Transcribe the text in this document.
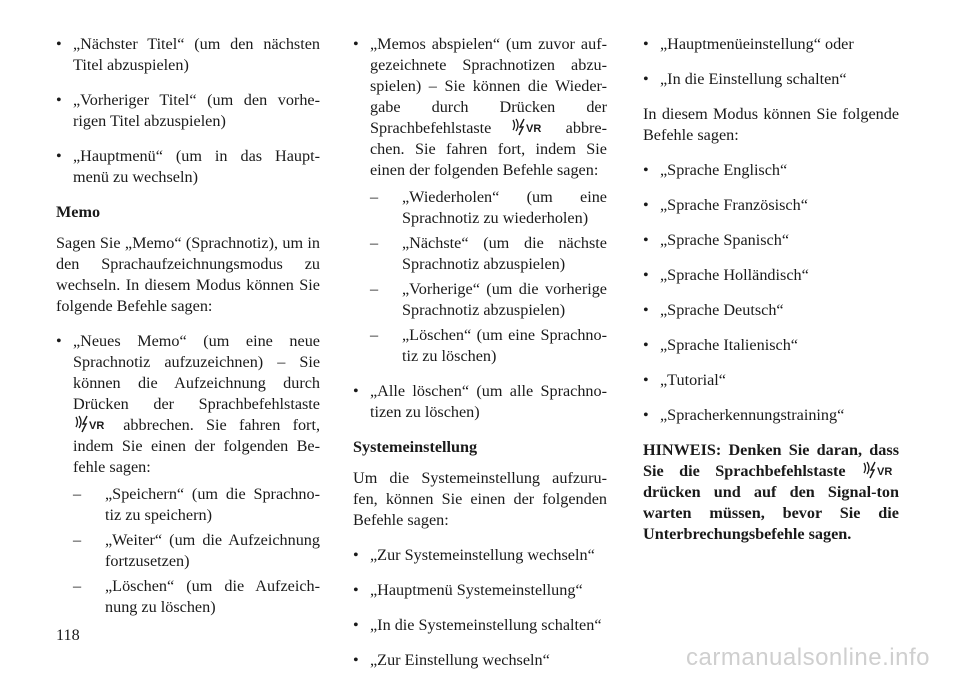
• „Nächster Titel“ (um den nächsten Titel abzuspielen)
• „Vorheriger Titel“ (um den vorhe-rigen Titel abzuspielen)
• „Hauptmenü“ (um in das Haupt-menü zu wechseln)
Memo

Sagen Sie „Memo“ (Sprachnotiz), um in den Sprachaufzeichnungsmodus zu wechseln. In diesem Modus können Sie folgende Befehle sagen:

• „Neues Memo“ (um eine neue Sprachnotiz aufzuzeichnen) – Sie können die Aufzeichnung durch Drücken der Sprachbefehlstaste
VR abbrechen. Sie fahren fort, indem Sie einen der folgenden Be-fehle sagen:
– „Speichern“ (um die Sprachno-tiz zu speichern)
– „Weiter“ (um die Aufzeichnung fortzusetzen)
– „Löschen“ (um die Aufzeich-nung zu löschen)
• „Memos abspielen“ (um zuvor auf-gezeichnete Sprachnotizen abzu-spielen) – Sie können die Wieder-gabe durch Drücken der Sprachbefehlstaste	VR abbre-chen. Sie fahren fort, indem Sie einen der folgenden Befehle sagen:
– „Wiederholen“ (um eine Sprachnotiz zu wiederholen)
– „Nächste“ (um die nächste Sprachnotiz abzuspielen)
– „Vorherige“ (um die vorherige Sprachnotiz abzuspielen)
– „Löschen“ (um eine Sprachno-tiz zu löschen)
• „Alle löschen“ (um alle Sprachno-tizen zu löschen)
Systemeinstellung

Um die Systemeinstellung aufzuru-fen, können Sie einen der folgenden Befehle sagen:

• „Zur Systemeinstellung wechseln“
• „Hauptmenü Systemeinstellung“
• „In die Systemeinstellung schalten“
• „Zur Einstellung wechseln“
• „Hauptmenüeinstellung“ oder
• „In die Einstellung schalten“

In diesem Modus können Sie folgende Befehle sagen:

• „Sprache Englisch“
• „Sprache Französisch“
• „Sprache Spanisch“
• „Sprache Holländisch“
• „Sprache Deutsch“
• „Sprache Italienisch“
• „Tutorial“
• „Spracherkennungstraining“

HINWEIS: Denken Sie daran, dass Sie die Sprachbefehlstaste	VR
drücken und auf den Signal-ton warten müssen, bevor Sie die Unterbrechungsbefehle sagen.

118
carmanualsonline.info
